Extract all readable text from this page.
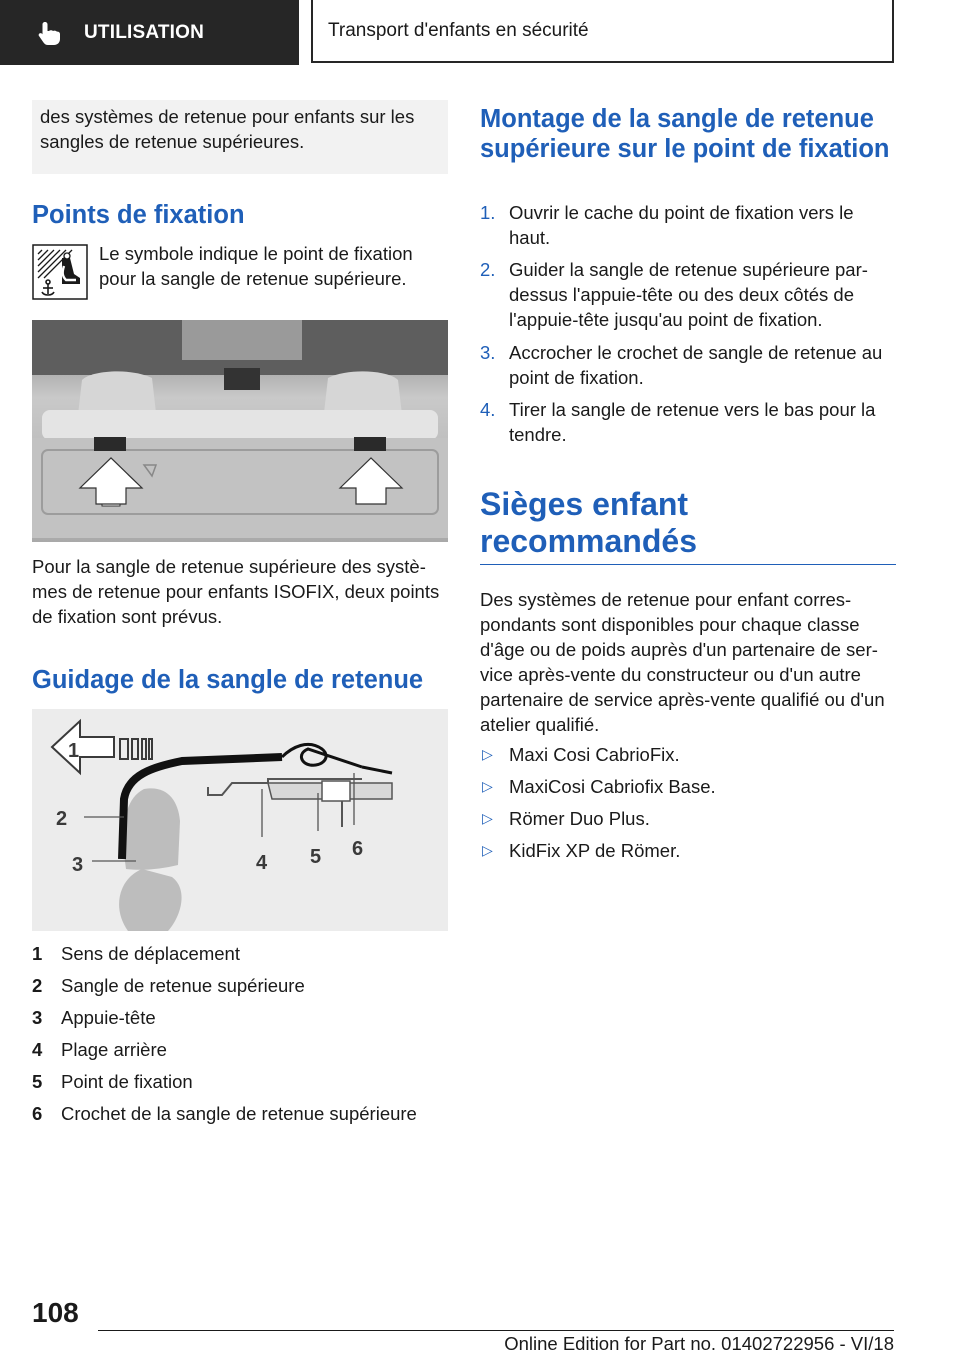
UTILISATION	Transport d'enfants en sécurité
des systèmes de retenue pour enfants sur les sangles de retenue supérieures.
Points de fixation
Le symbole indique le point de fixation pour la sangle de retenue supérieure.
Pour la sangle de retenue supérieure des systè- mes de retenue pour enfants ISOFIX, deux points de fixation sont prévus.
Guidage de la sangle de retenue
1
2
3	4 5 6
1 Sens de déplacement
2 Sangle de retenue supérieure
3 Appuie-tête
4 Plage arrière
5 Point de fixation
6 Crochet de la sangle de retenue supérieure
Montage de la sangle de retenue supérieure sur le point de fixation
1. Ouvrir le cache du point de fixation vers le haut.
2. Guider la sangle de retenue supérieure par- dessus l'appuie-tête ou des deux côtés de l'appuie-tête jusqu'au point de fixation.
3. Accrocher le crochet de sangle de retenue au point de fixation.
4. Tirer la sangle de retenue vers le bas pour la tendre.
Sièges enfant recommandés
Des systèmes de retenue pour enfant corres- pondants sont disponibles pour chaque classe d'âge ou de poids auprès d'un partenaire de ser- vice après-vente du constructeur ou d'un autre partenaire de service après-vente qualifié ou d'un atelier qualifié.
▷ Maxi Cosi CabrioFix.
▷ MaxiCosi Cabriofix Base.
▷ Römer Duo Plus.
▷ KidFix XP de Römer.
108
Online Edition for Part no. 01402722956 - VI/18
